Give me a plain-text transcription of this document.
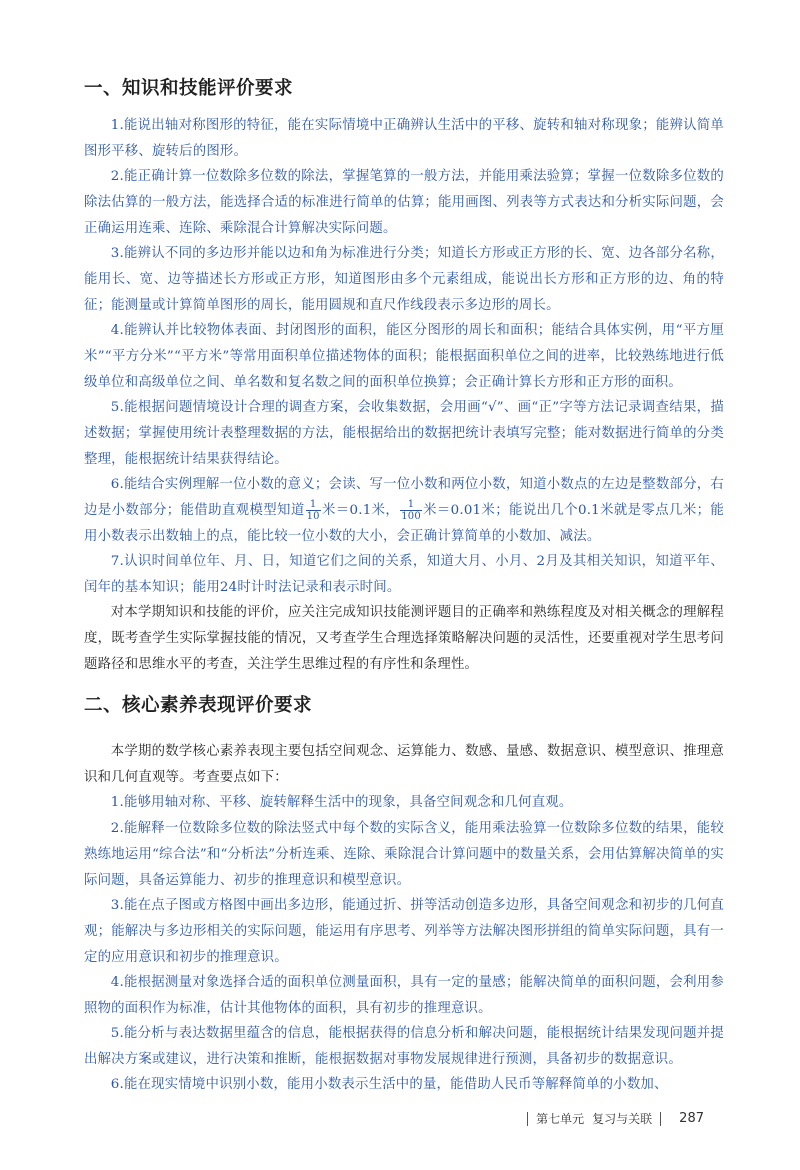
一、知识和技能评价要求

1.能说出轴对称图形的特征，能在实际情境中正确辨认生活中的平移、旋转和轴对称现象；能辨认简单图形平移、旋转后的图形。

2.能正确计算一位数除多位数的除法，掌握笔算的一般方法，并能用乘法验算；掌握一位数除多位数的除法估算的一般方法，能选择合适的标准进行简单的估算；能用画图、列表等方式表达和分析实际问题，会正确运用连乘、连除、乘除混合计算解决实际问题。

3.能辨认不同的多边形并能以边和角为标准进行分类；知道长方形或正方形的长、宽、边各部分名称，能用长、宽、边等描述长方形或正方形，知道图形由多个元素组成，能说出长方形和正方形的边、角的特征；能测量或计算简单图形的周长，能用圆规和直尺作线段表示多边形的周长。

4.能辨认并比较物体表面、封闭图形的面积，能区分图形的周长和面积；能结合具体实例，用“平方厘米”“平方分米”“平方米”等常用面积单位描述物体的面积；能根据面积单位之间的进率，比较熟练地进行低级单位和高级单位之间、单名数和复名数之间的面积单位换算；会正确计算长方形和正方形的面积。

5.能根据问题情境设计合理的调查方案，会收集数据，会用画“√”、画“正”字等方法记录调查结果，描述数据；掌握使用统计表整理数据的方法，能根据给出的数据把统计表填写完整；能对数据进行简单的分类整理，能根据统计结果获得结论。

6.能结合实例理解一位小数的意义；会读、写一位小数和两位小数，知道小数点的左边是整数部分，右边是小数部分；能借助直观模型知道 $\frac{1}{10}$ 米＝0.1米， $\frac{1}{100}$ 米＝0.01米；能说出几个0.1米就是零点几米；能用小数表示出数轴上的点，能比较一位小数的大小，会正确计算简单的小数加、减法。

7.认识时间单位年、月、日，知道它们之间的关系，知道大月、小月、2月及其相关知识，知道平年、闰年的基本知识；能用24时计时法记录和表示时间。

对本学期知识和技能的评价，应关注完成知识技能测评题目的正确率和熟练程度及对相关概念的理解程度，既考查学生实际掌握技能的情况，又考查学生合理选择策略解决问题的灵活性，还要重视对学生思考问题路径和思维水平的考查，关注学生思维过程的有序性和条理性。

二、核心素养表现评价要求

本学期的数学核心素养表现主要包括空间观念、运算能力、数感、量感、数据意识、模型意识、推理意识和几何直观等。考查要点如下：

1.能够用轴对称、平移、旋转解释生活中的现象，具备空间观念和几何直观。

2.能解释一位数除多位数的除法竖式中每个数的实际含义，能用乘法验算一位数除多位数的结果，能较熟练地运用“综合法”和“分析法”分析连乘、连除、乘除混合计算问题中的数量关系，会用估算解决简单的实际问题，具备运算能力、初步的推理意识和模型意识。

3.能在点子图或方格图中画出多边形，能通过折、拼等活动创造多边形，具备空间观念和初步的几何直观；能解决与多边形相关的实际问题，能运用有序思考、列举等方法解决图形拼组的简单实际问题，具有一定的应用意识和初步的推理意识。

4.能根据测量对象选择合适的面积单位测量面积，具有一定的量感；能解决简单的面积问题，会利用参照物的面积作为标准，估计其他物体的面积，具有初步的推理意识。

5.能分析与表达数据里蕴含的信息，能根据获得的信息分析和解决问题，能根据统计结果发现问题并提出解决方案或建议，进行决策和推断，能根据数据对事物发展规律进行预测，具备初步的数据意识。

6.能在现实情境中识别小数，能用小数表示生活中的量，能借助人民币等解释简单的小数加、

第七单元 复习与关联 287
